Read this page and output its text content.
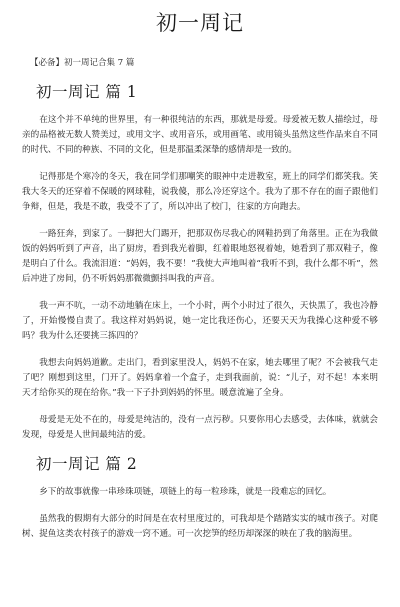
初一周记
【必备】初一周记合集 7 篇
初一周记 篇 1

在这个并不单纯的世界里，有一种很纯洁的东西，那就是母爱。母爱被无数人描绘过，母亲的品格被无数人赞美过，或用文字、或用音乐，或用画笔、或用镜头虽然这些作品来自不同的时代、不同的种族、不同的文化，但是那温柔深挚的感情却是一致的。

记得那是个寒冷的冬天，我在同学们那嘲笑的眼神中走进教室，班上的同学们都笑我。笑我大冬天的还穿着不保暖的网球鞋，说我傻，那么冷还穿这个。我为了那不存在的面子跟他们争辩，但是，我是不敢，我受不了了，所以冲出了校门，往家的方向跑去。

一路狂奔，到家了。一脚把大门踢开，把那双伤尽我心的网鞋扔到了角落里。正在为我做饭的妈妈听到了声音，出了厨房，看到我光着脚，红着眼地怒视着她，她看到了那双鞋子，像是明白了什么。我流泪道：“妈妈，我不要！”我使大声地叫着“我听不到，我什么都不听”，然后冲进了房间，仍不听妈妈那微微颤抖叫我的声音。

我一声不吭，一动不动地躺在床上，一个小时，两个小时过了很久，天快黑了，我也冷静了，开始慢慢自责了。我这样对妈妈说，她一定比我还伤心，还要天天为我操心这种爱不够吗？我为什么还要挑三拣四的？

我想去向妈妈道歉。走出门，看到家里没人，妈妈不在家，她去哪里了呢？不会被我气走了吧？刚想到这里，门开了。妈妈拿着一个盒子，走到我面前，说：“儿子，对不起！本来明天才给你买的现在给你。”我一下子扑到妈妈的怀里。暖意流遍了全身。

母爱是无处不在的，母爱是纯洁的，没有一点污秽。只要你用心去感受，去体味，就就会发现，母爱是人世间最纯洁的爱。

初一周记 篇 2

乡下的故事就像一串珍珠项链，项链上的每一粒珍珠，就是一段难忘的回忆。

虽然我的假期有大部分的时间是在农村里度过的，可我却是个踏踏实实的城市孩子。对爬树、捉鱼这类农村孩子的游戏一窍不通。可一次挖笋的经历却深深的映在了我的脑海里。
